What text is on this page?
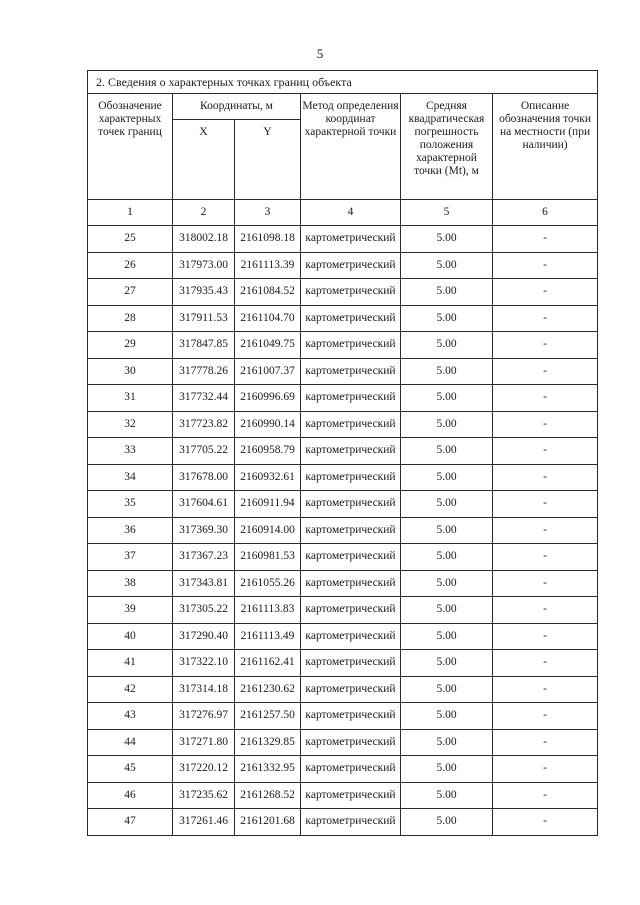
5
2. Сведения о характерных точках границ объекта					
Обозначение характерных точек границ	Координаты, м		Метод определения координат характерной точки	Средняя квадратическая погрешность положения характерной точки (Mt), м	Описание обозначения точки на местности (при наличии)
	X	Y			
1	2	3	4	5	6
25	318002.18	2161098.18	картометрический	5.00	-
26	317973.00	2161113.39	картометрический	5.00	-
27	317935.43	2161084.52	картометрический	5.00	-
28	317911.53	2161104.70	картометрический	5.00	-
29	317847.85	2161049.75	картометрический	5.00	-
30	317778.26	2161007.37	картометрический	5.00	-
31	317732.44	2160996.69	картометрический	5.00	-
32	317723.82	2160990.14	картометрический	5.00	-
33	317705.22	2160958.79	картометрический	5.00	-
34	317678.00	2160932.61	картометрический	5.00	-
35	317604.61	2160911.94	картометрический	5.00	-
36	317369.30	2160914.00	картометрический	5.00	-
37	317367.23	2160981.53	картометрический	5.00	-
38	317343.81	2161055.26	картометрический	5.00	-
39	317305.22	2161113.83	картометрический	5.00	-
40	317290.40	2161113.49	картометрический	5.00	-
41	317322.10	2161162.41	картометрический	5.00	-
42	317314.18	2161230.62	картометрический	5.00	-
43	317276.97	2161257.50	картометрический	5.00	-
44	317271.80	2161329.85	картометрический	5.00	-
45	317220.12	2161332.95	картометрический	5.00	-
46	317235.62	2161268.52	картометрический	5.00	-
47	317261.46	2161201.68	картометрический	5.00	-
